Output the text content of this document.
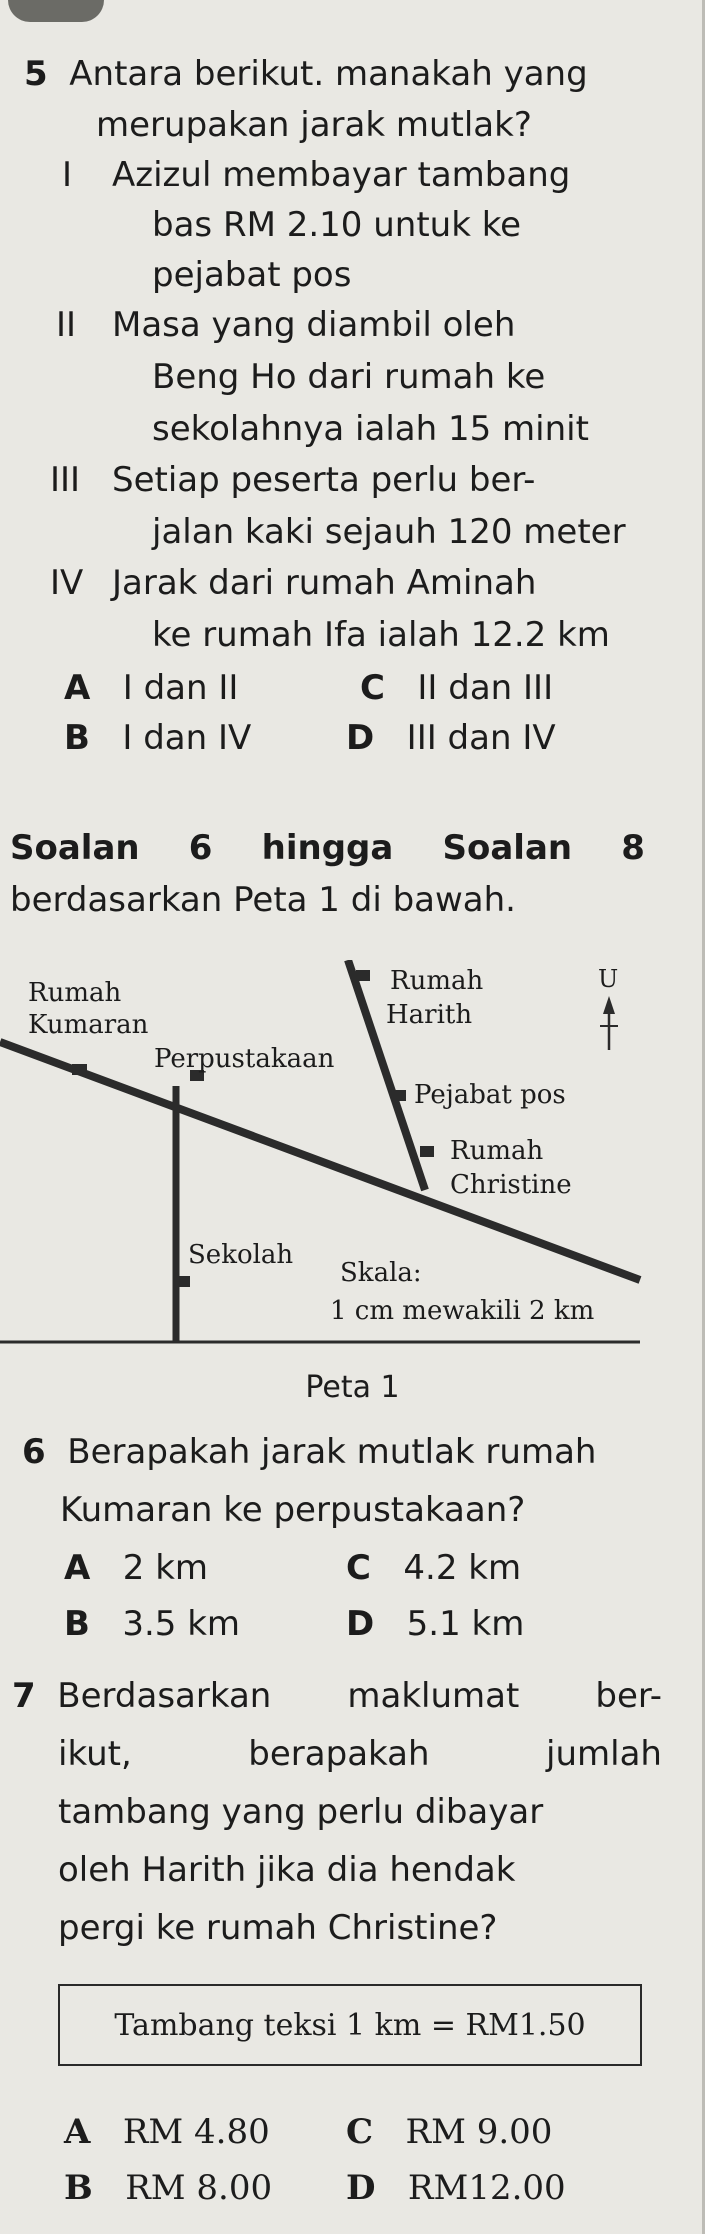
5 Antara berikut. manakah yang
merupakan jarak mutlak?
I Azizul membayar tambang
bas RM 2.10 untuk ke
pejabat pos
II Masa yang diambil oleh
Beng Ho dari rumah ke
sekolahnya ialah 15 minit
III Setiap peserta perlu ber-
jalan kaki sejauh 120 meter
IV Jarak dari rumah Aminah
ke rumah Ifa ialah 12.2 km
A I dan II	C II dan III
B I dan IV	D III dan IV
Soalan 6 hingga Soalan 8
berdasarkan Peta 1 di bawah.
Rumah
Kumaran
Rumah
Harith
U
Perpustakaan
Pejabat pos
Rumah
Christine
Sekolah
Skala:
1 cm mewakili 2 km
Peta 1
6 Berapakah jarak mutlak rumah
Kumaran ke perpustakaan?
A 2 km	C 4.2 km
B 3.5 km	D 5.1 km
7 Berdasarkan maklumat ber-
ikut,	berapakah	jumlah
tambang yang perlu dibayar
oleh Harith jika dia hendak
pergi ke rumah Christine?
Tambang teksi 1 km = RM1.50
A RM 4.80 C RM 9.00
B RM 8.00 D RM12.00
